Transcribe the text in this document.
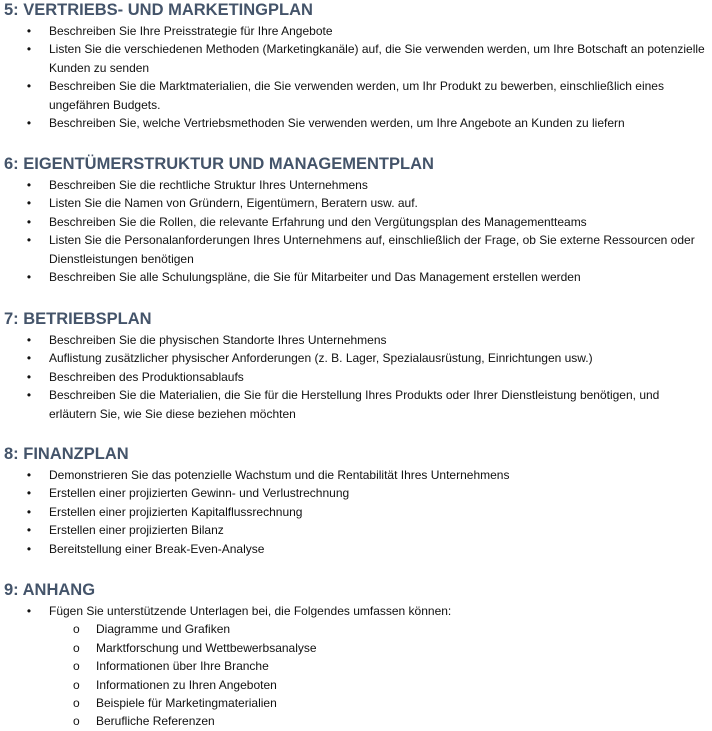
5: VERTRIEBS- UND MARKETINGPLAN
• Beschreiben Sie Ihre Preisstrategie für Ihre Angebote
• Listen Sie die verschiedenen Methoden (Marketingkanäle) auf, die Sie verwenden werden, um Ihre Botschaft an potenzielle Kunden zu senden
• Beschreiben Sie die Marktmaterialien, die Sie verwenden werden, um Ihr Produkt zu bewerben, einschließlich eines ungefähren Budgets.
• Beschreiben Sie, welche Vertriebsmethoden Sie verwenden werden, um Ihre Angebote an Kunden zu liefern
6: EIGENTÜMERSTRUKTUR UND MANAGEMENTPLAN
• Beschreiben Sie die rechtliche Struktur Ihres Unternehmens
• Listen Sie die Namen von Gründern, Eigentümern, Beratern usw. auf.
• Beschreiben Sie die Rollen, die relevante Erfahrung und den Vergütungsplan des Managementteams
• Listen Sie die Personalanforderungen Ihres Unternehmens auf, einschließlich der Frage, ob Sie externe Ressourcen oder Dienstleistungen benötigen
• Beschreiben Sie alle Schulungspläne, die Sie für Mitarbeiter und Das Management erstellen werden
7: BETRIEBSPLAN
• Beschreiben Sie die physischen Standorte Ihres Unternehmens
• Auflistung zusätzlicher physischer Anforderungen (z. B. Lager, Spezialausrüstung, Einrichtungen usw.)
• Beschreiben des Produktionsablaufs
• Beschreiben Sie die Materialien, die Sie für die Herstellung Ihres Produkts oder Ihrer Dienstleistung benötigen, und erläutern Sie, wie Sie diese beziehen möchten
8: FINANZPLAN
• Demonstrieren Sie das potenzielle Wachstum und die Rentabilität Ihres Unternehmens
• Erstellen einer projizierten Gewinn- und Verlustrechnung
• Erstellen einer projizierten Kapitalflussrechnung
• Erstellen einer projizierten Bilanz
• Bereitstellung einer Break-Even-Analyse
9: ANHANG
• Fügen Sie unterstützende Unterlagen bei, die Folgendes umfassen können:
o Diagramme und Grafiken
o Marktforschung und Wettbewerbsanalyse
o Informationen über Ihre Branche
o Informationen zu Ihren Angeboten
o Beispiele für Marketingmaterialien
o Berufliche Referenzen
